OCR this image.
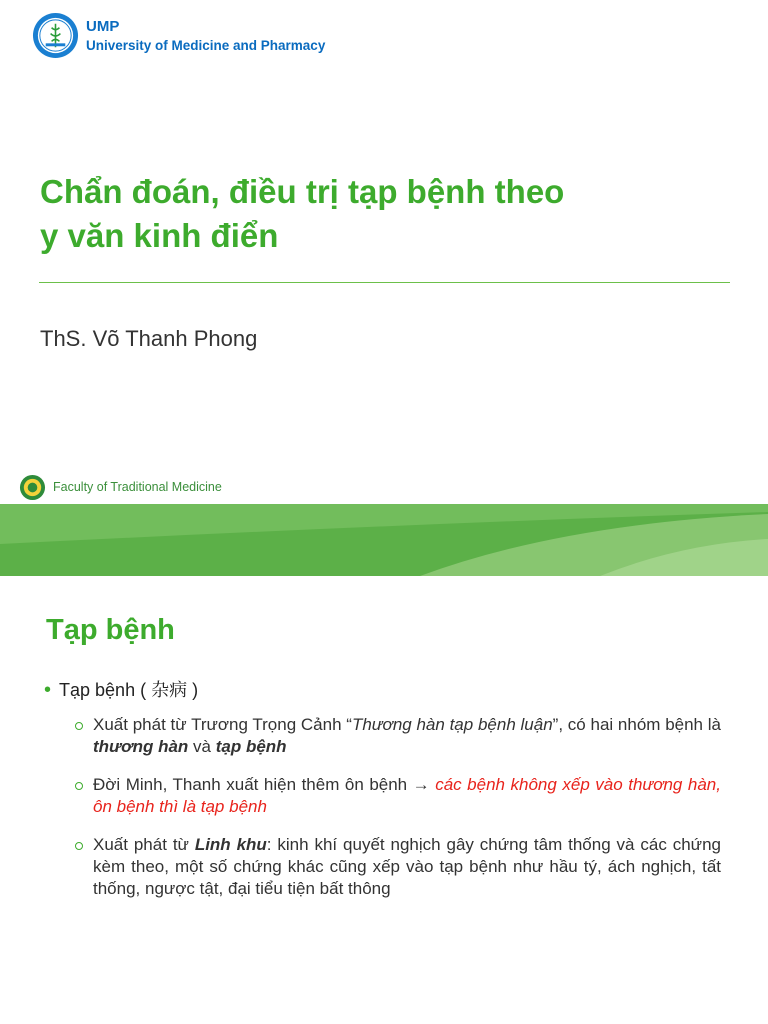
UMP
University of Medicine and Pharmacy
Chẩn đoán, điều trị tạp bệnh theo
y văn kinh điển
ThS. Võ Thanh Phong
Faculty of Traditional Medicine
Tạp bệnh
• Tạp bệnh ( 杂病 )
Xuất phát từ Trương Trọng Cảnh “Thương hàn tạp bệnh luận”, có hai nhóm bệnh là thương hàn và tạp bệnh
Đời Minh, Thanh xuất hiện thêm ôn bệnh → các bệnh không xếp vào thương hàn, ôn bệnh thì là tạp bệnh
Xuất phát từ Linh khu: kinh khí quyết nghịch gây chứng tâm thống và các chứng kèm theo, một số chứng khác cũng xếp vào tạp bệnh như hầu tý, ách nghịch, tất thống, ngược tật, đại tiểu tiện bất thông
